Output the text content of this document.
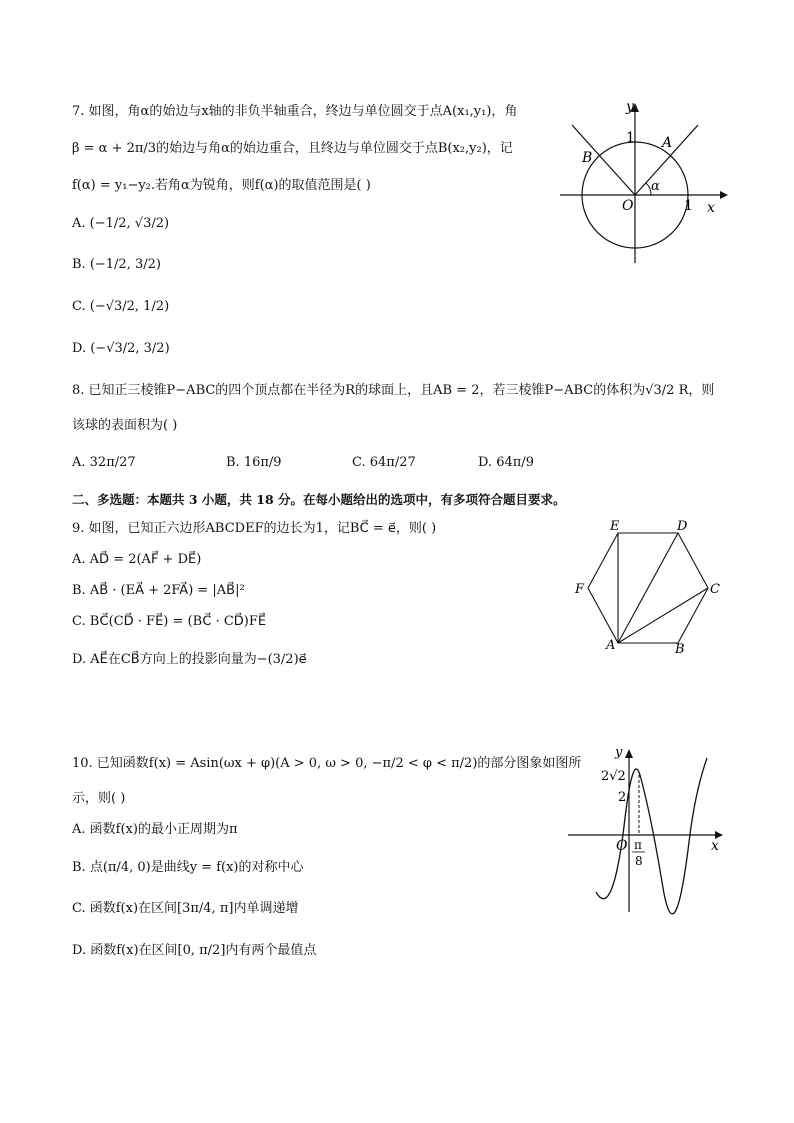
7. 如图，角α的始边与x轴的非负半轴重合，终边与单位圆交于点A(x₁,y₁)，角
β = α + 2π/3的始边与角α的始边重合，且终边与单位圆交于点B(x₂,y₂)，记
f(α) = y₁−y₂.若角α为锐角，则f(α)的取值范围是( )
A. (−1/2, √3/2)
B. (−1/2, 3/2)
C. (−√3/2, 1/2)
D. (−√3/2, 3/2)
y
x
1
1
O
A
B
α
8. 已知正三棱锥P−ABC的四个顶点都在半径为R的球面上，且AB = 2，若三棱锥P−ABC的体积为√3/2 R，则
该球的表面积为( )
A. 32π/27	B. 16π/9	C. 64π/27	D. 64π/9
二、多选题：本题共 3 小题，共 18 分。在每小题给出的选项中，有多项符合题目要求。
9. 如图，已知正六边形ABCDEF的边长为1，记BC⃗ = e⃗，则( )
A. AD⃗ = 2(AF⃗ + DE⃗)
B. AB⃗ · (EA⃗ + 2FA⃗) = |AB⃗|²
C. BC⃗(CD⃗ · FE⃗) = (BC⃗ · CD⃗)FE⃗
D. AE⃗在CB⃗方向上的投影向量为−(3/2)e⃗
A	B
C
D
E
F
10. 已知函数f(x) = Asin(ωx + φ)(A > 0, ω > 0, −π/2 < φ < π/2)的部分图象如图所
示，则( )
A. 函数f(x)的最小正周期为π
B. 点(π/4, 0)是曲线y = f(x)的对称中心
C. 函数f(x)在区间[3π/4, π]内单调递增
D. 函数f(x)在区间[0, π/2]内有两个最值点
y
x
2√2
2
O π
8
